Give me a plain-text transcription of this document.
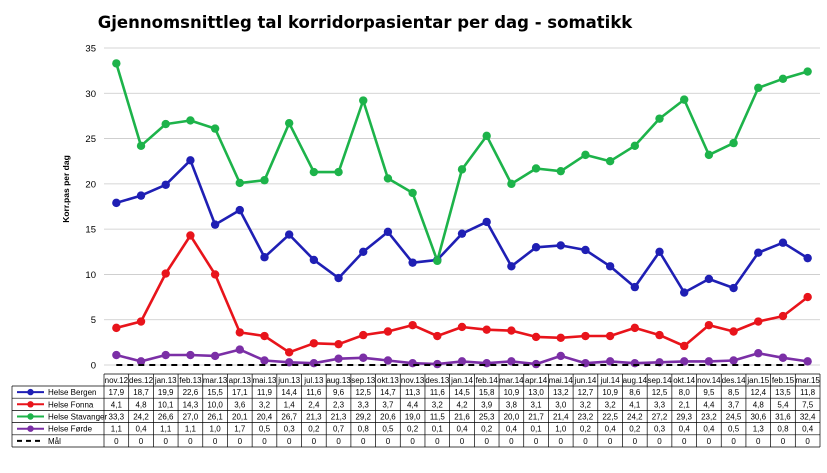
Gjennomsnittleg tal korridorpasientar per dag - somatikk
Korr.pas per dag
0
5
10
15
20
25
30
35
nov.12 des.12 jan.13 feb.13 mar.13 apr.13 mai.13 jun.13 jul.13 aug.13 sep.13 okt.13 nov.13 des.13 jan.14 feb.14 mar.14 apr.14 mai.14 jun.14 jul.14 aug.14 sep.14 okt.14 nov.14 des.14 jan.15 feb.15 mar.15
Helse Bergen 17,9 18,7 19,9 22,6 15,5 17,1 11,9 14,4 11,6 9,6 12,5 14,7 11,3 11,6 14,5 15,8 10,9 13,0 13,2 12,7 10,9 8,6 12,5 8,0 9,5 8,5 12,4 13,5 11,8
Helse Fonna 4,1 4,8 10,1 14,3 10,0 3,6 3,2 1,4 2,4 2,3 3,3 3,7 4,4 3,2 4,2 3,9 3,8 3,1 3,0 3,2 3,2 4,1 3,3 2,1 4,4 3,7 4,8 5,4 7,5
Helse Stavanger 33,3 24,2 26,6 27,0 26,1 20,1 20,4 26,7 21,3 21,3 29,2 20,6 19,0 11,5 21,6 25,3 20,0 21,7 21,4 23,2 22,5 24,2 27,2 29,3 23,2 24,5 30,6 31,6 32,4
Helse Førde 1,1 0,4 1,1 1,1 1,0 1,7 0,5 0,3 0,2 0,7 0,8 0,5 0,2 0,1 0,4 0,2 0,4 0,1 1,0 0,2 0,4 0,2 0,3 0,4 0,4 0,5 1,3 0,8 0,4
Mål	0	0	0	0	0	0	0	0	0	0	0	0	0	0	0	0	0	0	0	0	0	0	0	0	0	0	0	0	0
